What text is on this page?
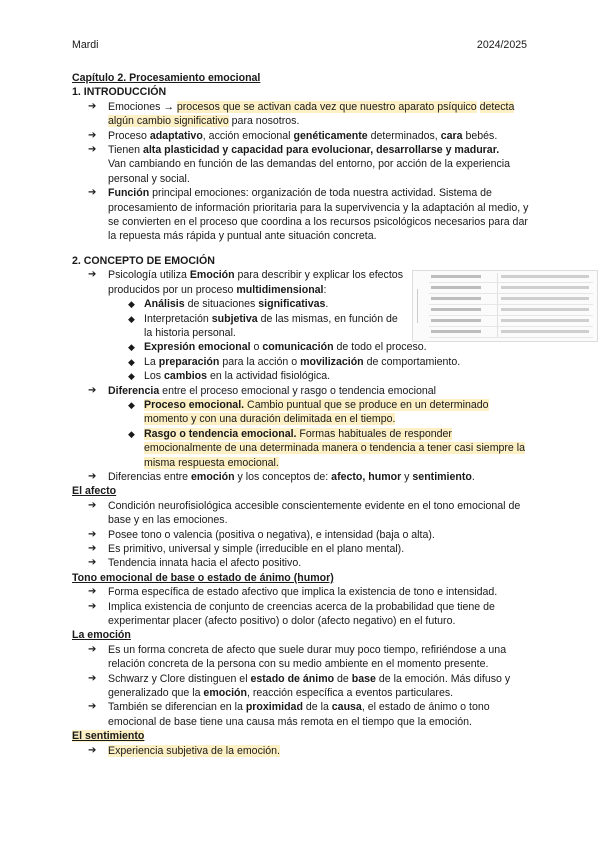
Mardi	2024/2025
Capítulo 2. Procesamiento emocional
1. INTRODUCCIÓN
➔ Emociones → procesos que se activan cada vez que nuestro aparato psíquico detecta algún cambio significativo para nosotros.
➔ Proceso adaptativo, acción emocional genéticamente determinados, cara bebés.
➔ Tienen alta plasticidad y capacidad para evolucionar, desarrollarse y madurar.
Van cambiando en función de las demandas del entorno, por acción de la experiencia personal y social.
➔ Función principal emociones: organización de toda nuestra actividad. Sistema de procesamiento de información prioritaria para la supervivencia y la adaptación al medio, y se convierten en el proceso que coordina a los recursos psicológicos necesarios para dar la repuesta más rápida y puntual ante situación concreta.
2. CONCEPTO DE EMOCIÓN
➔ Psicología utiliza Emoción para describir y explicar los efectos producidos por un proceso multidimensional:
◆ Análisis de situaciones significativas.
◆ Interpretación subjetiva de las mismas, en función de la historia personal.
◆ Expresión emocional o comunicación de todo el proceso.
◆ La preparación para la acción o movilización de comportamiento.
◆ Los cambios en la actividad fisiológica.
➔ Diferencia entre el proceso emocional y rasgo o tendencia emocional
◆ Proceso emocional. Cambio puntual que se produce en un determinado momento y con una duración delimitada en el tiempo.
◆ Rasgo o tendencia emocional. Formas habituales de responder emocionalmente de una determinada manera o tendencia a tener casi siempre la misma respuesta emocional.
➔ Diferencias entre emoción y los conceptos de: afecto, humor y sentimiento.
El afecto
➔ Condición neurofisiológica accesible conscientemente evidente en el tono emocional de base y en las emociones.
➔ Posee tono o valencia (positiva o negativa), e intensidad (baja o alta).
➔ Es primitivo, universal y simple (irreducible en el plano mental).
➔ Tendencia innata hacia el afecto positivo.
Tono emocional de base o estado de ánimo (humor)
➔ Forma específica de estado afectivo que implica la existencia de tono e intensidad.
➔ Implica existencia de conjunto de creencias acerca de la probabilidad que tiene de experimentar placer (afecto positivo) o dolor (afecto negativo) en el futuro.
La emoción
➔ Es un forma concreta de afecto que suele durar muy poco tiempo, refiriéndose a una relación concreta de la persona con su medio ambiente en el momento presente.
➔ Schwarz y Clore distinguen el estado de ánimo de base de la emoción. Más difuso y generalizado que la emoción, reacción específica a eventos particulares.
➔ También se diferencian en la proximidad de la causa, el estado de ánimo o tono emocional de base tiene una causa más remota en el tiempo que la emoción.
El sentimiento
➔ Experiencia subjetiva de la emoción.
